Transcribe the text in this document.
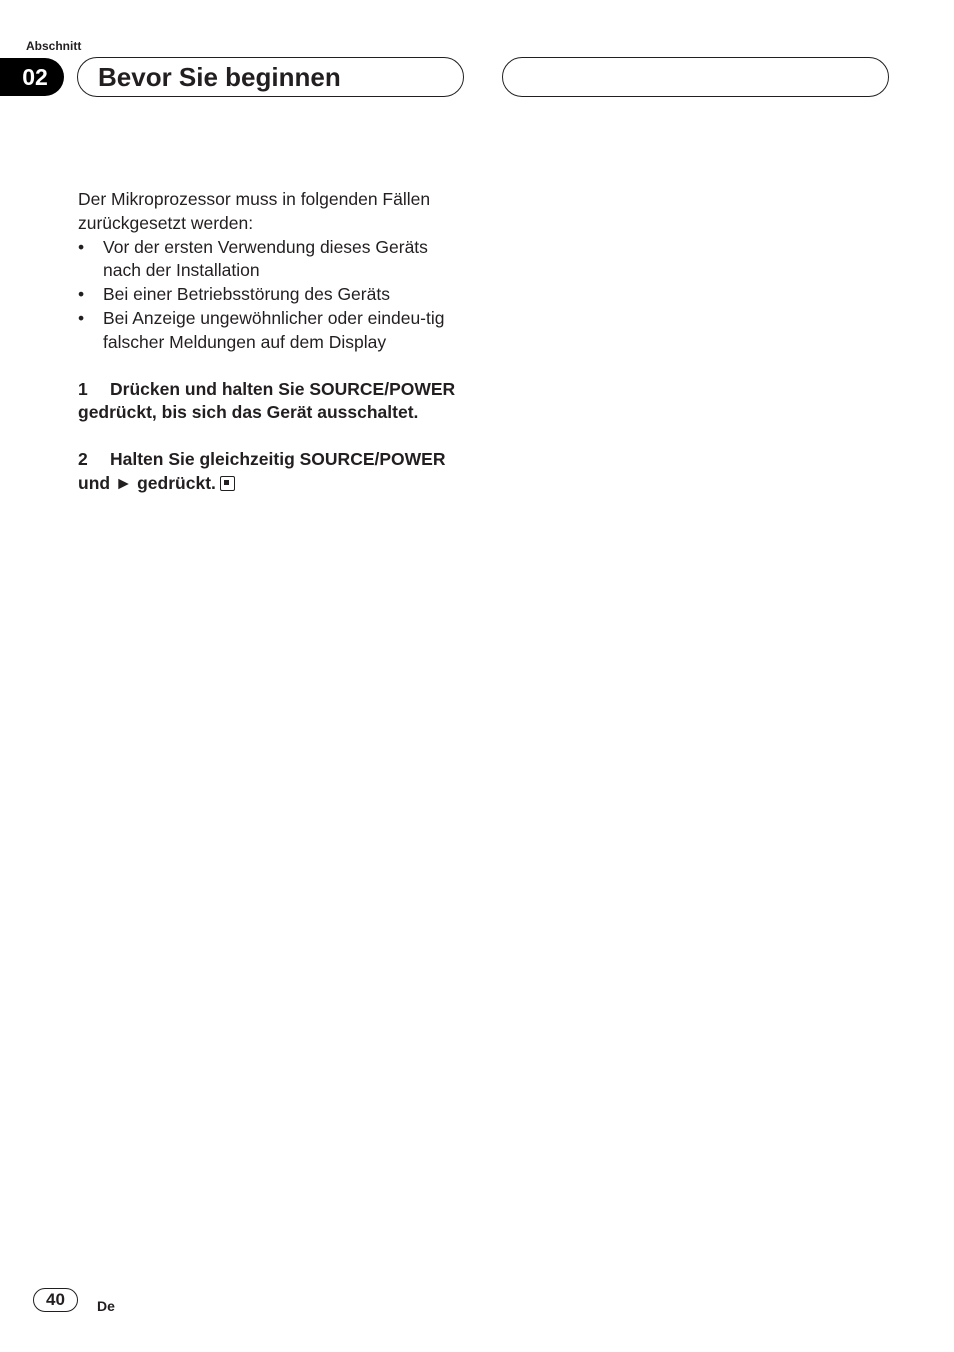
Abschnitt
02	Bevor Sie beginnen

Der Mikroprozessor muss in folgenden Fällen zurückgesetzt werden:

• Vor der ersten Verwendung dieses Geräts nach der Installation
• Bei einer Betriebsstörung des Geräts
• Bei Anzeige ungewöhnlicher oder eindeu-tig falscher Meldungen auf dem Display

1 Drücken und halten Sie SOURCE/POWER gedrückt, bis sich das Gerät ausschaltet.

2 Halten Sie gleichzeitig SOURCE/POWER und ► gedrückt.

40	De
